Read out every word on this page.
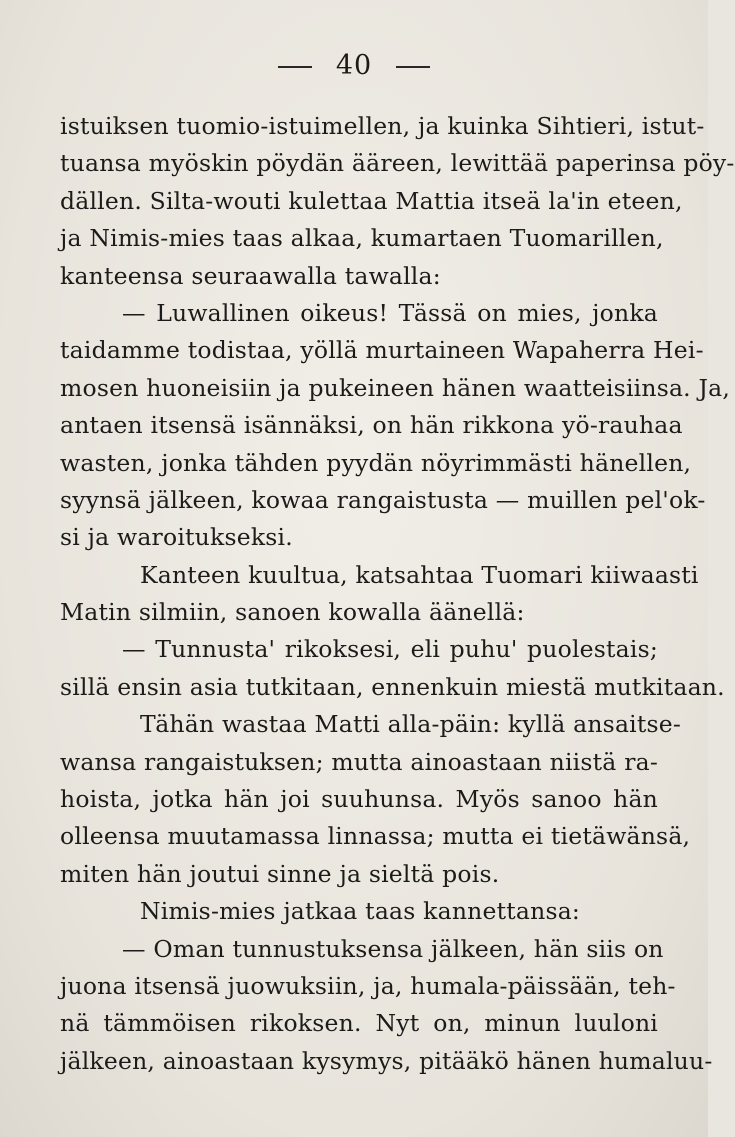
40
istuiksen tuomio-istuimellen, ja kuinka Sihtieri, istut-
tuansa myöskin pöydän ääreen, lewittää paperinsa pöy-
dällen. Silta-wouti kulettaa Mattia itseä la'in eteen,
ja Nimis-mies taas alkaa, kumartaen Tuomarillen,
kanteensa seuraawalla tawalla:
— Luwallinen oikeus! Tässä on mies, jonka
taidamme todistaa, yöllä murtaineen Wapaherra Hei-
mosen huoneisiin ja pukeineen hänen waatteisiinsa. Ja,
antaen itsensä isännäksi, on hän rikkona yö-rauhaa
wasten, jonka tähden pyydän nöyrimmästi hänellen,
syynsä jälkeen, kowaa rangaistusta — muillen pel'ok-
si ja waroitukseksi.
Kanteen kuultua, katsahtaa Tuomari kiiwaasti
Matin silmiin, sanoen kowalla äänellä:
— Tunnusta' rikoksesi, eli puhu' puolestais;
sillä ensin asia tutkitaan, ennenkuin miestä mutkitaan.
Tähän wastaa Matti alla-päin: kyllä ansaitse-
wansa rangaistuksen; mutta ainoastaan niistä ra-
hoista, jotka hän joi suuhunsa. Myös sanoo hän
olleensa muutamassa linnassa; mutta ei tietäwänsä,
miten hän joutui sinne ja sieltä pois.
Nimis-mies jatkaa taas kannettansa:
— Oman tunnustuksensa jälkeen, hän siis on
juona itsensä juowuksiin, ja, humala-päissään, teh-
nä tämmöisen rikoksen. Nyt on, minun luuloni
jälkeen, ainoastaan kysymys, pitääkö hänen humaluu-
